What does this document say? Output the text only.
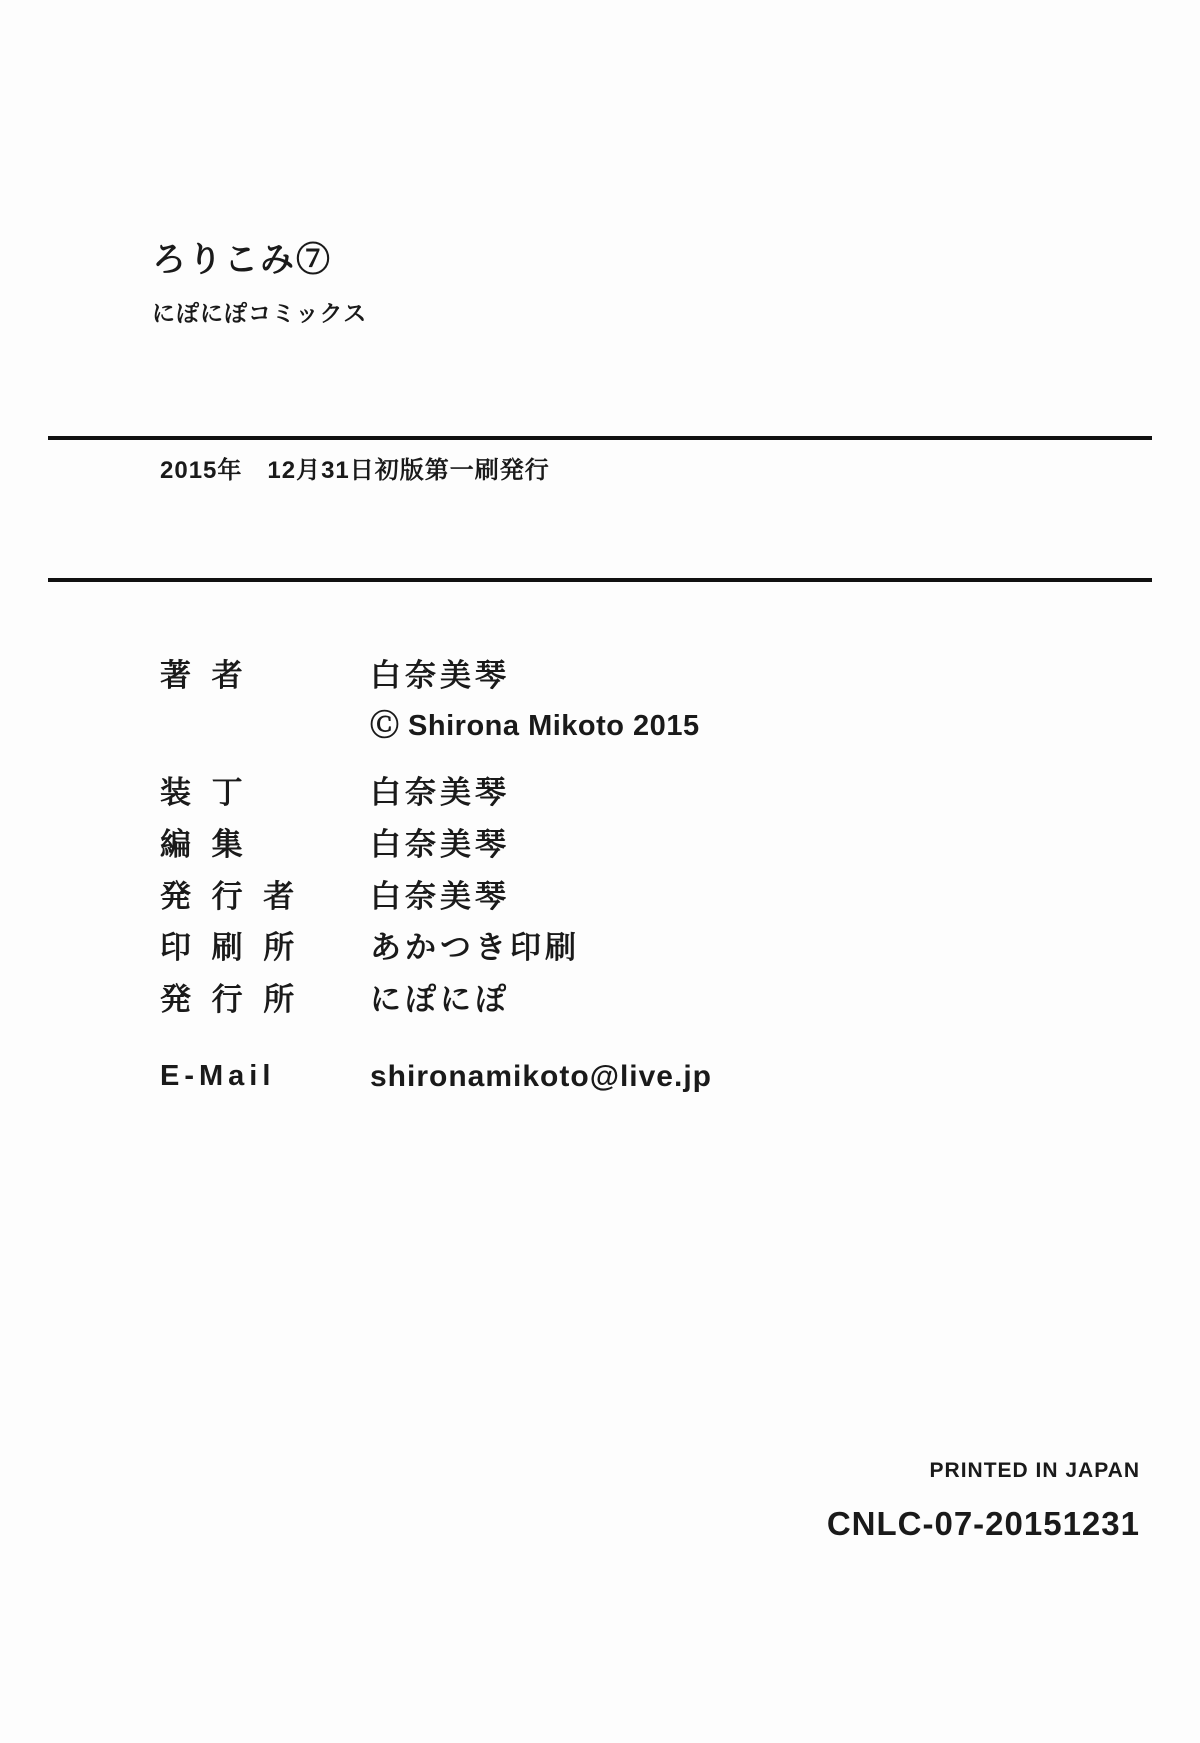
ろりこみ⑦
にぽにぽコミックス
2015年　12月31日初版第一刷発行
著 者	白奈美琴
Ⓒ Shirona Mikoto 2015
装 丁	白奈美琴
編 集	白奈美琴
発 行 者	白奈美琴
印 刷 所	あかつき印刷
発 行 所	にぽにぽ
E-Mail	shironamikoto@live.jp
PRINTED IN JAPAN
CNLC-07-20151231
